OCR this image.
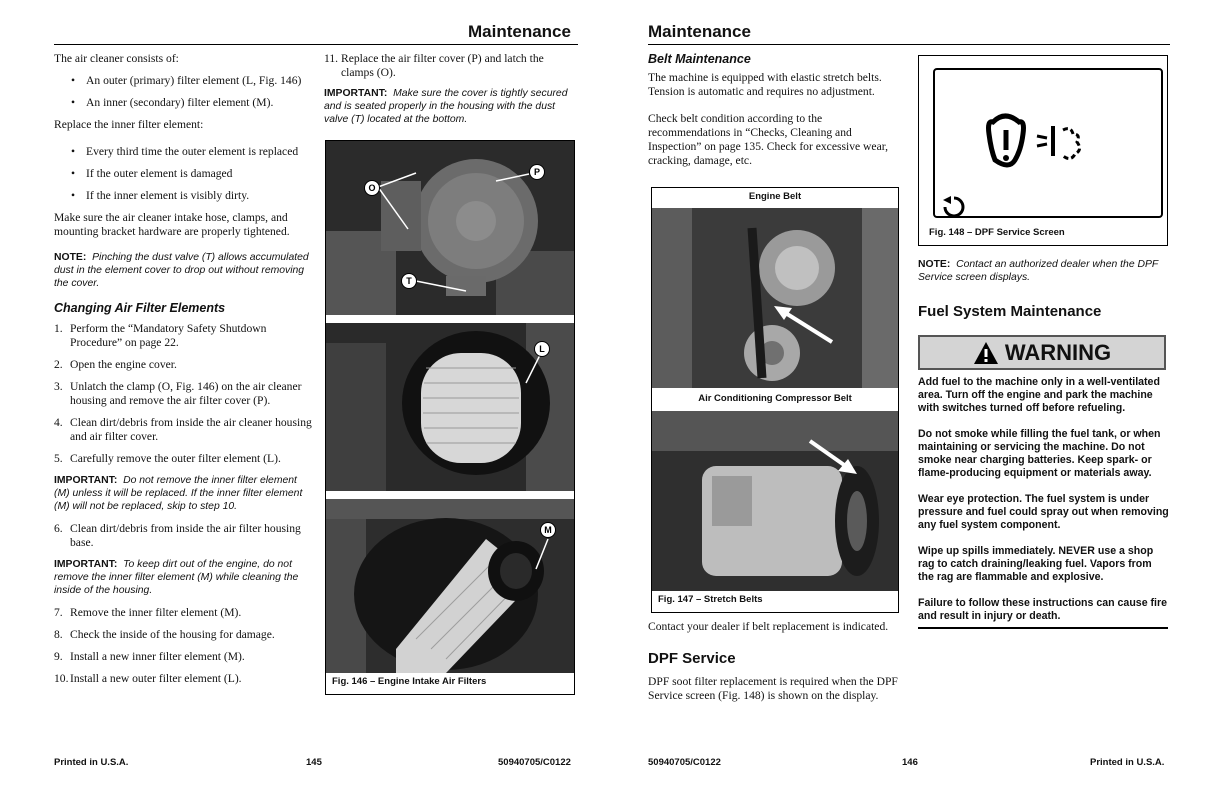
Maintenance
The air cleaner consists of:
• An outer (primary) filter element (L, Fig. 146)
• An inner (secondary) filter element (M).
Replace the inner filter element:
• Every third time the outer element is replaced
• If the outer element is damaged
• If the inner element is visibly dirty.
Make sure the air cleaner intake hose, clamps, and mounting bracket hardware are properly tightened.
NOTE: Pinching the dust valve (T) allows accumulated dust in the element cover to drop out without removing the cover.
Changing Air Filter Elements
1. Perform the “Mandatory Safety Shutdown Procedure” on page 22.
2. Open the engine cover.
3. Unlatch the clamp (O, Fig. 146) on the air cleaner housing and remove the air filter cover (P).
4. Clean dirt/debris from inside the air cleaner housing and air filter cover.
5. Carefully remove the outer filter element (L).
IMPORTANT: Do not remove the inner filter element (M) unless it will be replaced. If the inner filter element (M) will not be replaced, skip to step 10.
6. Clean dirt/debris from inside the air filter housing base.
IMPORTANT: To keep dirt out of the engine, do not remove the inner filter element (M) while cleaning the inside of the housing.
7. Remove the inner filter element (M).
8. Check the inside of the housing for damage.
9. Install a new inner filter element (M).
10. Install a new outer filter element (L).
11. Replace the air filter cover (P) and latch the clamps (O).
IMPORTANT: Make sure the cover is tightly secured and is seated properly in the housing with the dust valve (T) located at the bottom.
O
P
T
L
M
Fig. 146 – Engine Intake Air Filters
Printed in U.S.A.	145	50940705/C0122
Maintenance
Belt Maintenance
The machine is equipped with elastic stretch belts. Tension is automatic and requires no adjustment.
Check belt condition according to the recommendations in “Checks, Cleaning and Inspection” on page 135. Check for excessive wear, cracking, damage, etc.
Engine Belt
Air Conditioning Compressor Belt
Fig. 147 – Stretch Belts
Contact your dealer if belt replacement is indicated.
DPF Service
DPF soot filter replacement is required when the DPF Service screen (Fig. 148) is shown on the display.
Fig. 148 – DPF Service Screen
NOTE: Contact an authorized dealer when the DPF Service screen displays.
Fuel System Maintenance
WARNING

Add fuel to the machine only in a well-ventilated area. Turn off the engine and park the machine with switches turned off before refueling.

Do not smoke while filling the fuel tank, or when maintaining or servicing the machine. Do not smoke near charging batteries. Keep spark- or flame-producing equipment or materials away.

Wear eye protection. The fuel system is under pressure and fuel could spray out when removing any fuel system component.

Wipe up spills immediately. NEVER use a shop rag to catch draining/leaking fuel. Vapors from the rag are flammable and explosive.

Failure to follow these instructions can cause fire and result in injury or death.

50940705/C0122	146	Printed in U.S.A.
